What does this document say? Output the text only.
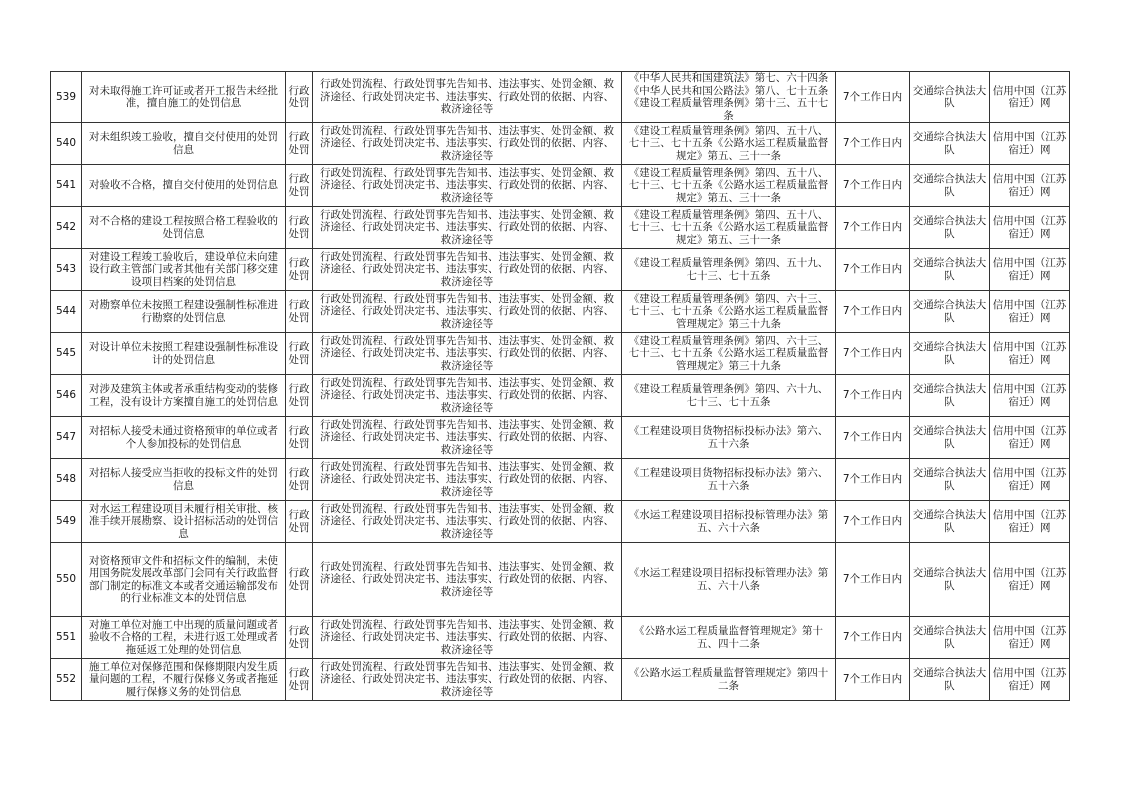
539	对未取得施工许可证或者开工报告未经批准，擅自施工的处罚信息	行政处罚	行政处罚流程、行政处罚事先告知书、违法事实、处罚金额、救济途径、行政处罚决定书、违法事实、行政处罚的依据、内容、救济途径等	《中华人民共和国建筑法》第七、六十四条《中华人民共和国公路法》第八、七十五条《建设工程质量管理条例》第十三、五十七条	7个工作日内	交通综合执法大队	信用中国（江苏宿迁）网
540	对未组织竣工验收，擅自交付使用的处罚信息	行政处罚	行政处罚流程、行政处罚事先告知书、违法事实、处罚金额、救济途径、行政处罚决定书、违法事实、行政处罚的依据、内容、救济途径等	《建设工程质量管理条例》第四、五十八、七十三、七十五条《公路水运工程质量监督规定》第五、三十一条	7个工作日内	交通综合执法大队	信用中国（江苏宿迁）网
541	对验收不合格，擅自交付使用的处罚信息	行政处罚	行政处罚流程、行政处罚事先告知书、违法事实、处罚金额、救济途径、行政处罚决定书、违法事实、行政处罚的依据、内容、救济途径等	《建设工程质量管理条例》第四、五十八、七十三、七十五条《公路水运工程质量监督规定》第五、三十一条	7个工作日内	交通综合执法大队	信用中国（江苏宿迁）网
542	对不合格的建设工程按照合格工程验收的处罚信息	行政处罚	行政处罚流程、行政处罚事先告知书、违法事实、处罚金额、救济途径、行政处罚决定书、违法事实、行政处罚的依据、内容、救济途径等	《建设工程质量管理条例》第四、五十八、七十三、七十五条《公路水运工程质量监督规定》第五、三十一条	7个工作日内	交通综合执法大队	信用中国（江苏宿迁）网
543	对建设工程竣工验收后，建设单位未向建设行政主管部门或者其他有关部门移交建设项目档案的处罚信息	行政处罚	行政处罚流程、行政处罚事先告知书、违法事实、处罚金额、救济途径、行政处罚决定书、违法事实、行政处罚的依据、内容、救济途径等	《建设工程质量管理条例》第四、五十九、七十三、七十五条	7个工作日内	交通综合执法大队	信用中国（江苏宿迁）网
544	对勘察单位未按照工程建设强制性标准进行勘察的处罚信息	行政处罚	行政处罚流程、行政处罚事先告知书、违法事实、处罚金额、救济途径、行政处罚决定书、违法事实、行政处罚的依据、内容、救济途径等	《建设工程质量管理条例》第四、六十三、七十三、七十五条《公路水运工程质量监督管理规定》第三十九条	7个工作日内	交通综合执法大队	信用中国（江苏宿迁）网
545	对设计单位未按照工程建设强制性标准设计的处罚信息	行政处罚	行政处罚流程、行政处罚事先告知书、违法事实、处罚金额、救济途径、行政处罚决定书、违法事实、行政处罚的依据、内容、救济途径等	《建设工程质量管理条例》第四、六十三、七十三、七十五条《公路水运工程质量监督管理规定》第三十九条	7个工作日内	交通综合执法大队	信用中国（江苏宿迁）网
546	对涉及建筑主体或者承重结构变动的装修工程，没有设计方案擅自施工的处罚信息	行政处罚	行政处罚流程、行政处罚事先告知书、违法事实、处罚金额、救济途径、行政处罚决定书、违法事实、行政处罚的依据、内容、救济途径等	《建设工程质量管理条例》第四、六十九、七十三、七十五条	7个工作日内	交通综合执法大队	信用中国（江苏宿迁）网
547	对招标人接受未通过资格预审的单位或者个人参加投标的处罚信息	行政处罚	行政处罚流程、行政处罚事先告知书、违法事实、处罚金额、救济途径、行政处罚决定书、违法事实、行政处罚的依据、内容、救济途径等	《工程建设项目货物招标投标办法》第六、五十六条	7个工作日内	交通综合执法大队	信用中国（江苏宿迁）网
548	对招标人接受应当拒收的投标文件的处罚信息	行政处罚	行政处罚流程、行政处罚事先告知书、违法事实、处罚金额、救济途径、行政处罚决定书、违法事实、行政处罚的依据、内容、救济途径等	《工程建设项目货物招标投标办法》第六、五十六条	7个工作日内	交通综合执法大队	信用中国（江苏宿迁）网
549	对水运工程建设项目未履行相关审批、核准手续开展勘察、设计招标活动的处罚信息	行政处罚	行政处罚流程、行政处罚事先告知书、违法事实、处罚金额、救济途径、行政处罚决定书、违法事实、行政处罚的依据、内容、救济途径等	《水运工程建设项目招标投标管理办法》第五、六十六条	7个工作日内	交通综合执法大队	信用中国（江苏宿迁）网
550	对资格预审文件和招标文件的编制，未使用国务院发展改革部门会同有关行政监督部门制定的标准文本或者交通运输部发布的行业标准文本的处罚信息	行政处罚	行政处罚流程、行政处罚事先告知书、违法事实、处罚金额、救济途径、行政处罚决定书、违法事实、行政处罚的依据、内容、救济途径等	《水运工程建设项目招标投标管理办法》第五、六十八条	7个工作日内	交通综合执法大队	信用中国（江苏宿迁）网
551	对施工单位对施工中出现的质量问题或者验收不合格的工程，未进行返工处理或者拖延返工处理的处罚信息	行政处罚	行政处罚流程、行政处罚事先告知书、违法事实、处罚金额、救济途径、行政处罚决定书、违法事实、行政处罚的依据、内容、救济途径等	《公路水运工程质量监督管理规定》第十五、四十二条	7个工作日内	交通综合执法大队	信用中国（江苏宿迁）网
552	施工单位对保修范围和保修期限内发生质量问题的工程，不履行保修义务或者拖延履行保修义务的处罚信息	行政处罚	行政处罚流程、行政处罚事先告知书、违法事实、处罚金额、救济途径、行政处罚决定书、违法事实、行政处罚的依据、内容、救济途径等	《公路水运工程质量监督管理规定》第四十二条	7个工作日内	交通综合执法大队	信用中国（江苏宿迁）网
